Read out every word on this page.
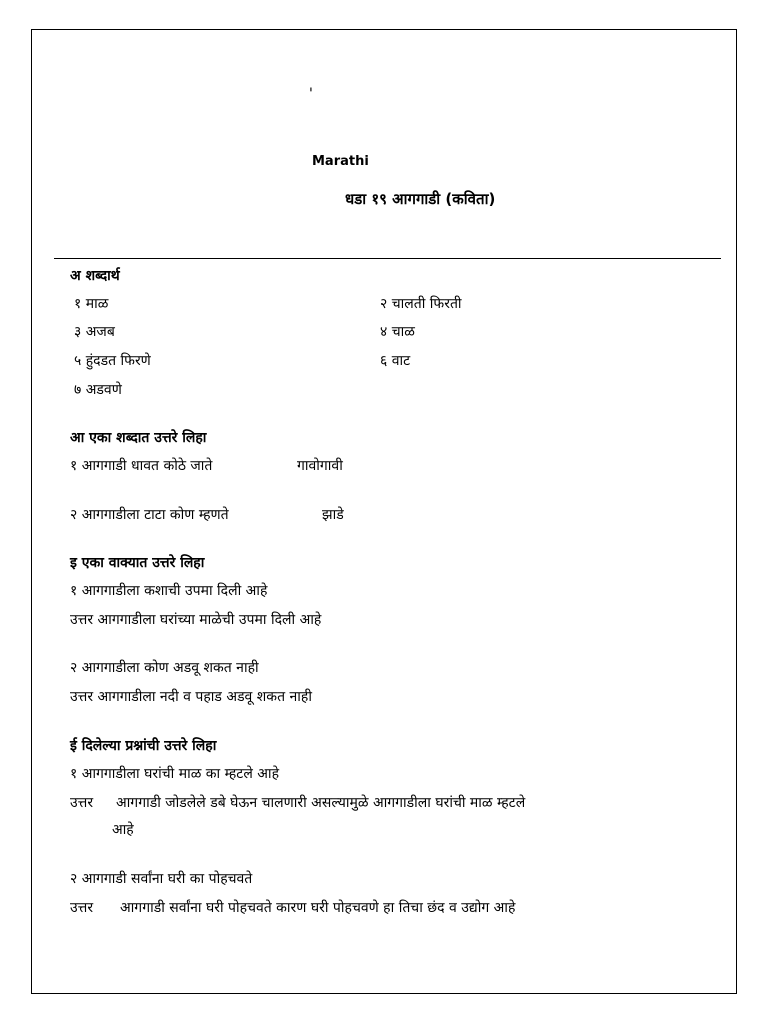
'
Marathi
धडा १९ आगगाडी (कविता)
अ शब्दार्थ
१ माळ	२ चालती फिरती
३ अजब	४ चाळ
५ हुंदडत फिरणे	६ वाट
७ अडवणे
आ एका शब्दात उत्तरे लिहा
१ आगगाडी धावत कोठे जाते	गावोगावी
२ आगगाडीला टाटा कोण म्हणते	झाडे
इ एका वाक्यात उत्तरे लिहा
१ आगगाडीला कशाची उपमा दिली आहे
उत्तर आगगाडीला घरांच्या माळेची उपमा दिली आहे
२ आगगाडीला कोण अडवू शकत नाही
उत्तर आगगाडीला नदी व पहाड अडवू शकत नाही
ई दिलेल्या प्रश्नांची उत्तरे लिहा
१ आगगाडीला घरांची माळ का म्हटले आहे
उत्तर आगगाडी जोडलेले डबे घेऊन चालणारी असल्यामुळे आगगाडीला घरांची माळ म्हटले
आहे
२ आगगाडी सर्वांना घरी का पोहचवते
उत्तर आगगाडी सर्वांना घरी पोहचवते कारण घरी पोहचवणे हा तिचा छंद व उद्योग आहे
